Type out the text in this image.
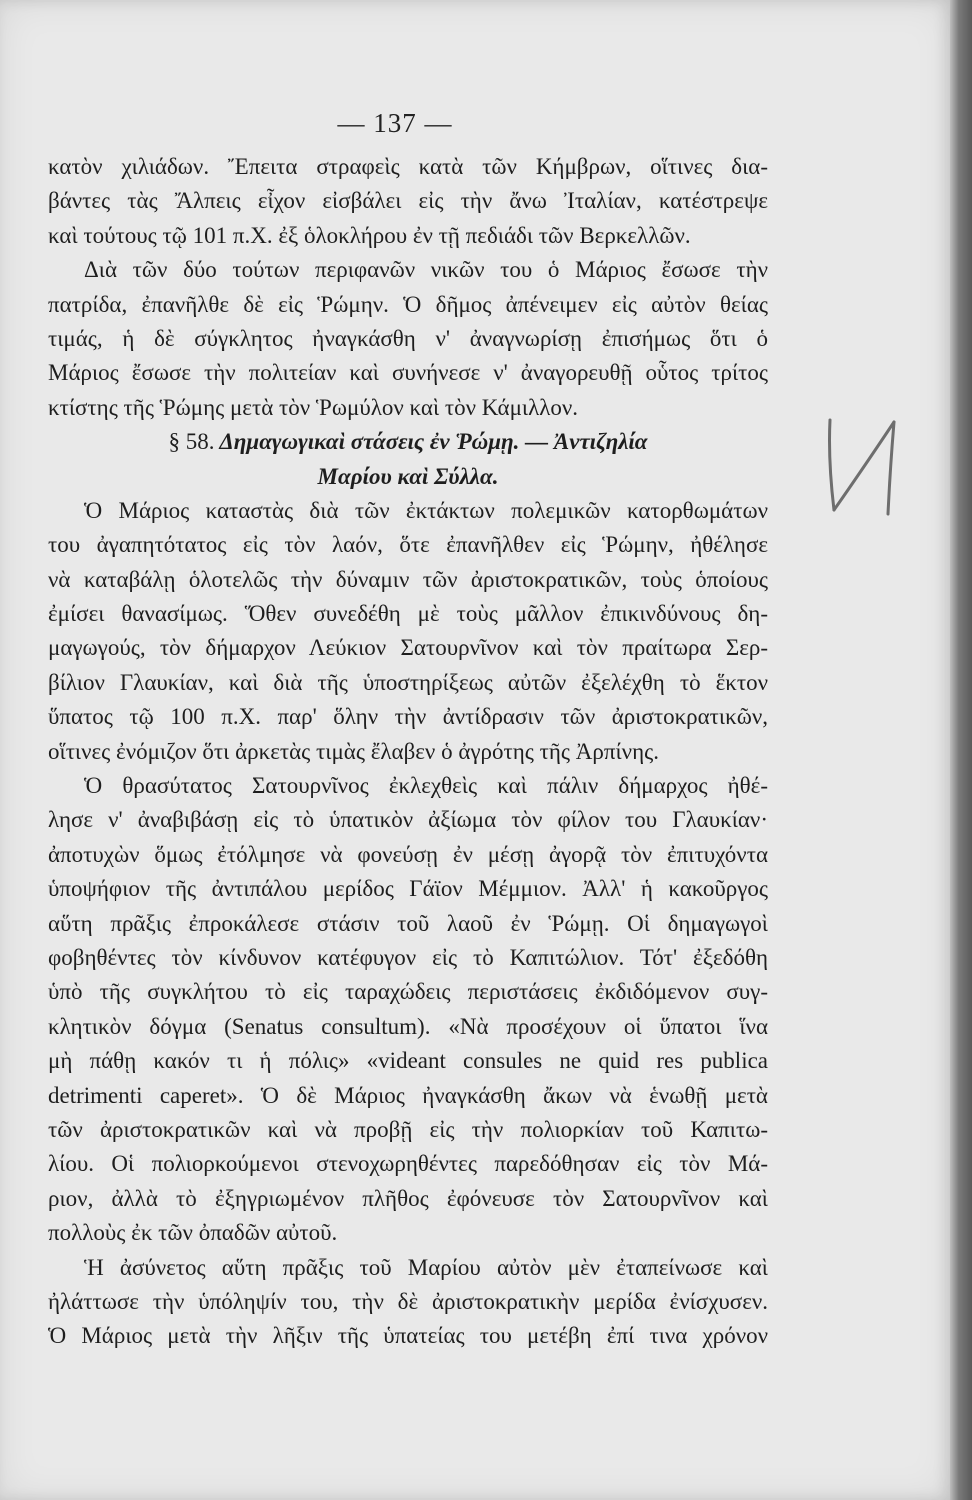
— 137 —
κατὸν χιλιάδων. Ἔπειτα στραφεὶς κατὰ τῶν Κήμβρων, οἵτινες δια-
βάντες τὰς Ἄλπεις εἶχον εἰσβάλει εἰς τὴν ἄνω Ἰταλίαν, κατέστρεψε
καὶ τούτους τῷ 101 π.Χ. ἐξ ὁλοκλήρου ἐν τῇ πεδιάδι τῶν Βερκελλῶν.
Διὰ τῶν δύο τούτων περιφανῶν νικῶν του ὁ Μάριος ἔσωσε τὴν
πατρίδα, ἐπανῆλθε δὲ εἰς Ῥώμην. Ὁ δῆμος ἀπένειμεν εἰς αὐτὸν θείας
τιμάς, ἡ δὲ σύγκλητος ἠναγκάσθη ν' ἀναγνωρίσῃ ἐπισήμως ὅτι ὁ
Μάριος ἔσωσε τὴν πολιτείαν καὶ συνήνεσε ν' ἀναγορευθῇ οὗτος τρίτος
κτίστης τῆς Ῥώμης μετὰ τὸν Ῥωμύλον καὶ τὸν Κάμιλλον.
§ 58. Δημαγωγικαὶ στάσεις ἐν Ῥώμῃ. — Ἀντιζηλία
Μαρίου καὶ Σύλλα.
Ὁ Μάριος καταστὰς διὰ τῶν ἐκτάκτων πολεμικῶν κατορθωμάτων
του ἀγαπητότατος εἰς τὸν λαόν, ὅτε ἐπανῆλθεν εἰς Ῥώμην, ἠθέλησε
νὰ καταβάλῃ ὁλοτελῶς τὴν δύναμιν τῶν ἀριστοκρατικῶν, τοὺς ὁποίους
ἐμίσει θανασίμως. Ὅθεν συνεδέθη μὲ τοὺς μᾶλλον ἐπικινδύνους δη-
μαγωγούς, τὸν δήμαρχον Λεύκιον Σατουρνῖνον καὶ τὸν πραίτωρα Σερ-
βίλιον Γλαυκίαν, καὶ διὰ τῆς ὑποστηρίξεως αὐτῶν ἐξελέχθη τὸ ἕκτον
ὕπατος τῷ 100 π.Χ. παρ' ὅλην τὴν ἀντίδρασιν τῶν ἀριστοκρατικῶν,
οἵτινες ἐνόμιζον ὅτι ἀρκετὰς τιμὰς ἔλαβεν ὁ ἀγρότης τῆς Ἀρπίνης.
Ὁ θρασύτατος Σατουρνῖνος ἐκλεχθεὶς καὶ πάλιν δήμαρχος ἠθέ-
λησε ν' ἀναβιβάσῃ εἰς τὸ ὑπατικὸν ἀξίωμα τὸν φίλον του Γλαυκίαν·
ἀποτυχὼν ὅμως ἐτόλμησε νὰ φονεύσῃ ἐν μέσῃ ἀγορᾷ τὸν ἐπιτυχόντα
ὑποψήφιον τῆς ἀντιπάλου μερίδος Γάϊον Μέμμιον. Ἀλλ' ἡ κακοῦργος
αὕτη πρᾶξις ἐπροκάλεσε στάσιν τοῦ λαοῦ ἐν Ῥώμῃ. Οἱ δημαγωγοὶ
φοβηθέντες τὸν κίνδυνον κατέφυγον εἰς τὸ Καπιτώλιον. Τότ' ἐξεδόθη
ὑπὸ τῆς συγκλήτου τὸ εἰς ταραχώδεις περιστάσεις ἐκδιδόμενον συγ-
κλητικὸν δόγμα (Senatus consultum). «Νὰ προσέχουν οἱ ὕπατοι ἵνα
μὴ πάθῃ κακόν τι ἡ πόλις» «videant consules ne quid res publica
detrimenti caperet». Ὁ δὲ Μάριος ἠναγκάσθη ἄκων νὰ ἑνωθῇ μετὰ
τῶν ἀριστοκρατικῶν καὶ νὰ προβῇ εἰς τὴν πολιορκίαν τοῦ Καπιτω-
λίου. Οἱ πολιορκούμενοι στενοχωρηθέντες παρεδόθησαν εἰς τὸν Μά-
ριον, ἀλλὰ τὸ ἐξηγριωμένον πλῆθος ἐφόνευσε τὸν Σατουρνῖνον καὶ
πολλοὺς ἐκ τῶν ὀπαδῶν αὐτοῦ.
Ἡ ἀσύνετος αὕτη πρᾶξις τοῦ Μαρίου αὐτὸν μὲν ἐταπείνωσε καὶ
ἠλάττωσε τὴν ὑπόληψίν του, τὴν δὲ ἀριστοκρατικὴν μερίδα ἐνίσχυσεν.
Ὁ Μάριος μετὰ τὴν λῆξιν τῆς ὑπατείας του μετέβη ἐπί τινα χρόνον
